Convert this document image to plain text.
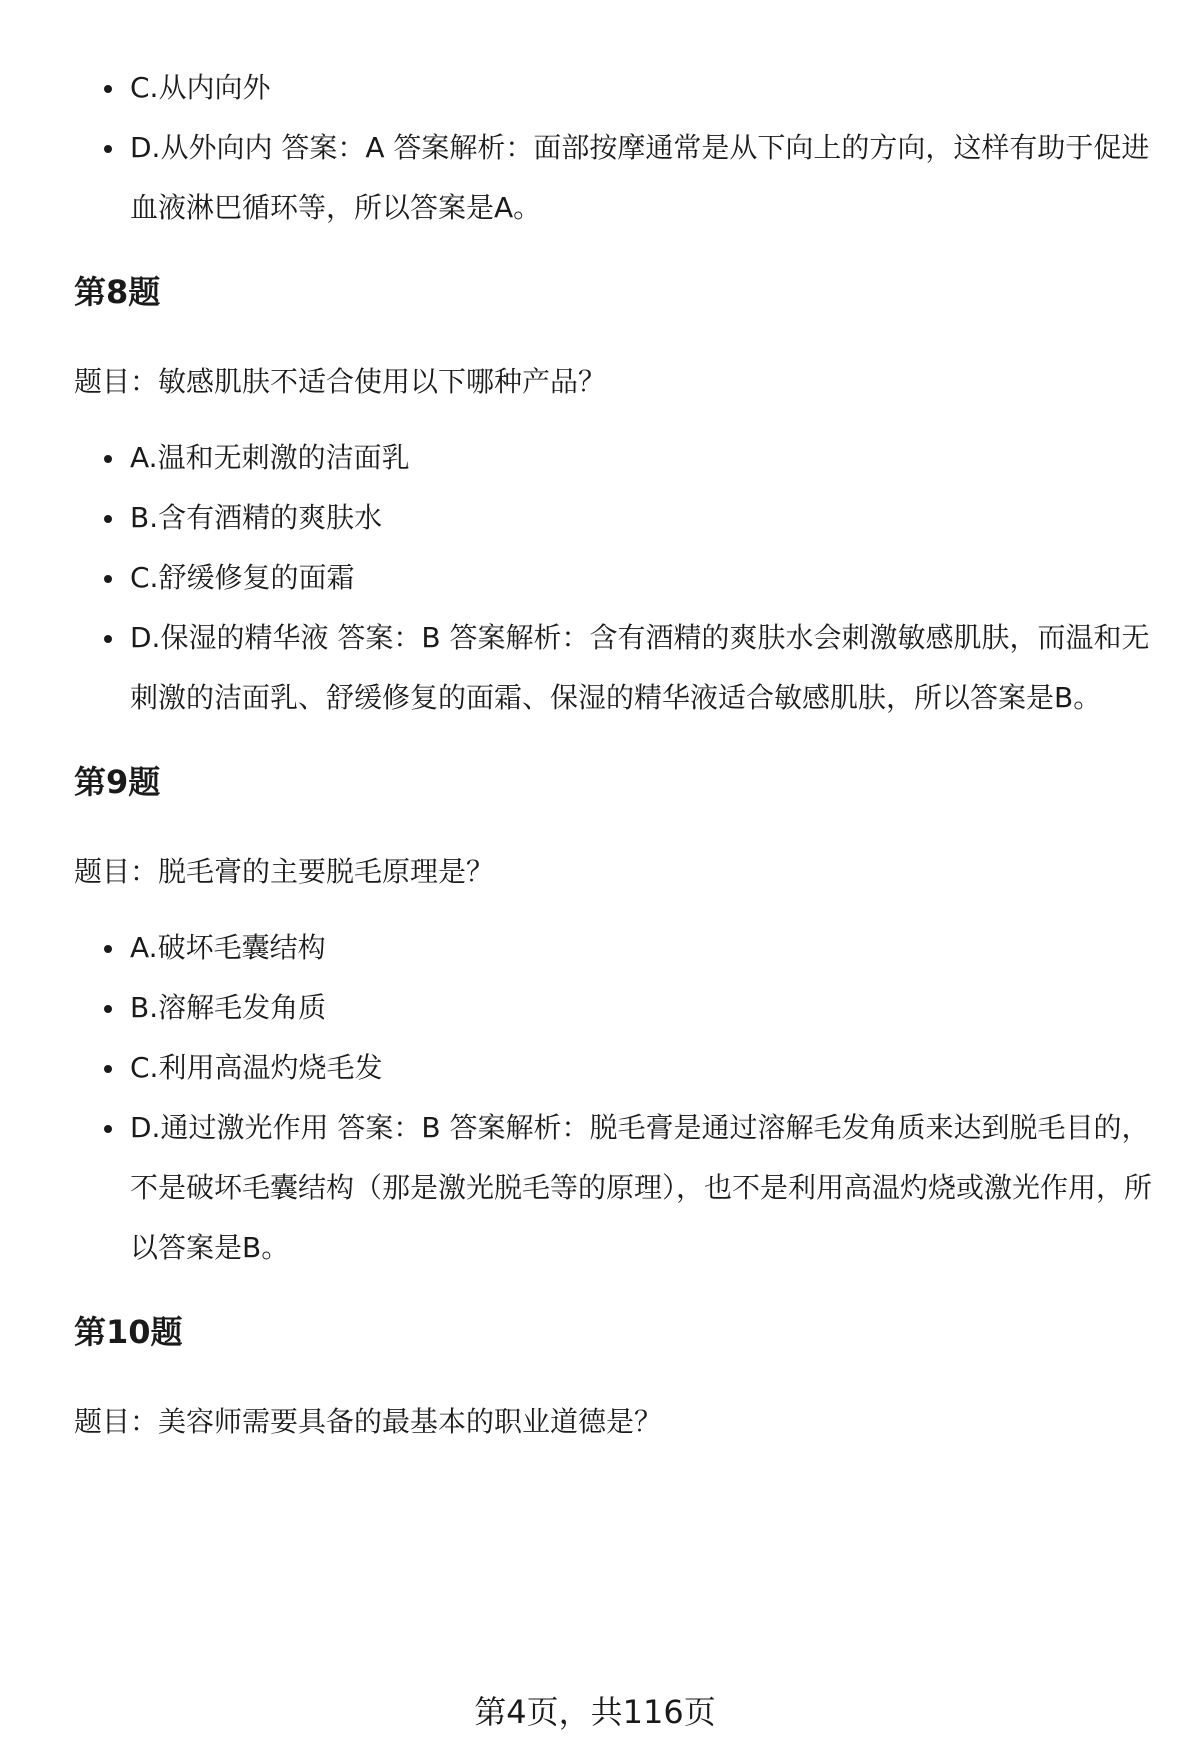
C.从内向外
D.从外向内 答案：A 答案解析：面部按摩通常是从下向上的方向，这样有助于促进血液淋巴循环等，所以答案是A。
第8题

题目：敏感肌肤不适合使用以下哪种产品？

A.温和无刺激的洁面乳
B.含有酒精的爽肤水
C.舒缓修复的面霜
D.保湿的精华液 答案：B 答案解析：含有酒精的爽肤水会刺激敏感肌肤，而温和无刺激的洁面乳、舒缓修复的面霜、保湿的精华液适合敏感肌肤，所以答案是B。
第9题

题目：脱毛膏的主要脱毛原理是？

A.破坏毛囊结构
B.溶解毛发角质
C.利用高温灼烧毛发
D.通过激光作用 答案：B 答案解析：脱毛膏是通过溶解毛发角质来达到脱毛目的，不是破坏毛囊结构（那是激光脱毛等的原理），也不是利用高温灼烧或激光作用，所以答案是B。
第10题

题目：美容师需要具备的最基本的职业道德是？

第4页，共116页
